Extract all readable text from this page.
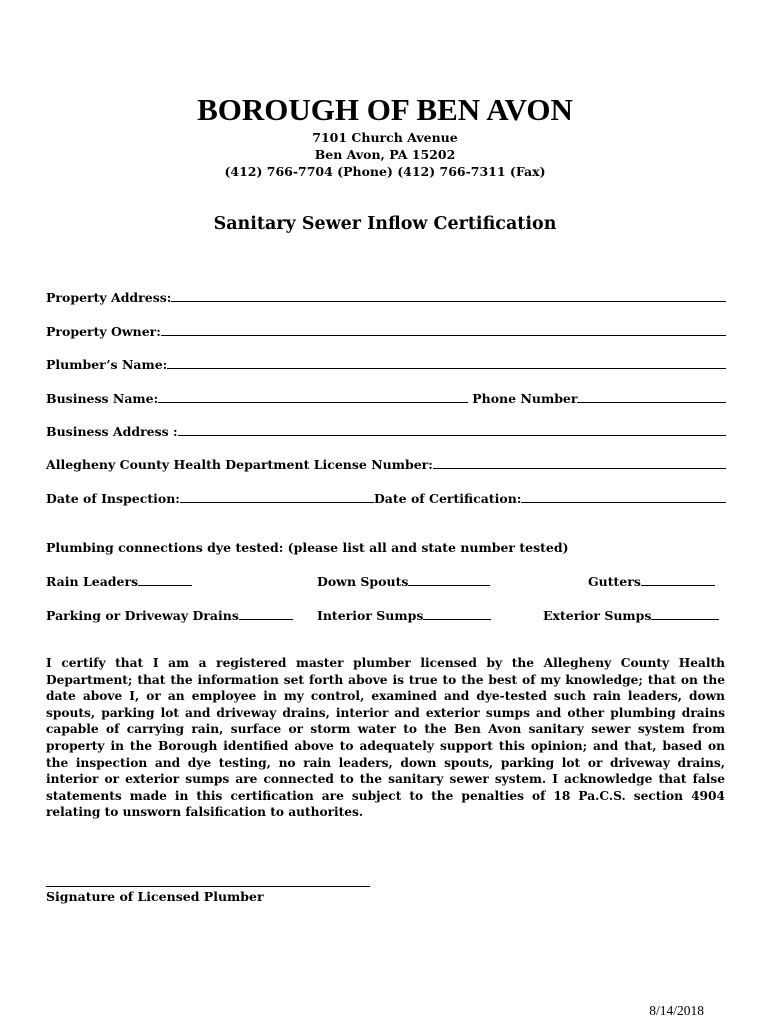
BOROUGH OF BEN AVON
7101 Church Avenue
Ben Avon, PA 15202
(412) 766-7704 (Phone) (412) 766-7311 (Fax)
Sanitary Sewer Inflow Certification
Property Address:
Property Owner:
Plumber’s Name:
Business Name:	Phone Number
Business Address :
Allegheny County Health Department License Number:
Date of Inspection:	Date of Certification:
Plumbing connections dye tested: (please list all and state number tested)
Rain Leaders	Down Spouts	Gutters
Parking or Driveway Drains	Interior Sumps	Exterior Sumps
I certify that I am a registered master plumber licensed by the Allegheny County Health Department; that the information set forth above is true to the best of my knowledge; that on the date above I, or an employee in my control, examined and dye-tested such rain leaders, down spouts, parking lot and driveway drains, interior and exterior sumps and other plumbing drains capable of carrying rain, surface or storm water to the Ben Avon sanitary sewer system from property in the Borough identified above to adequately support this opinion; and that, based on the inspection and dye testing, no rain leaders, down spouts, parking lot or driveway drains, interior or exterior sumps are connected to the sanitary sewer system. I acknowledge that false statements made in this certification are subject to the penalties of 18 Pa.C.S. section 4904 relating to unsworn falsification to authorites.
Signature of Licensed Plumber
8/14/2018
